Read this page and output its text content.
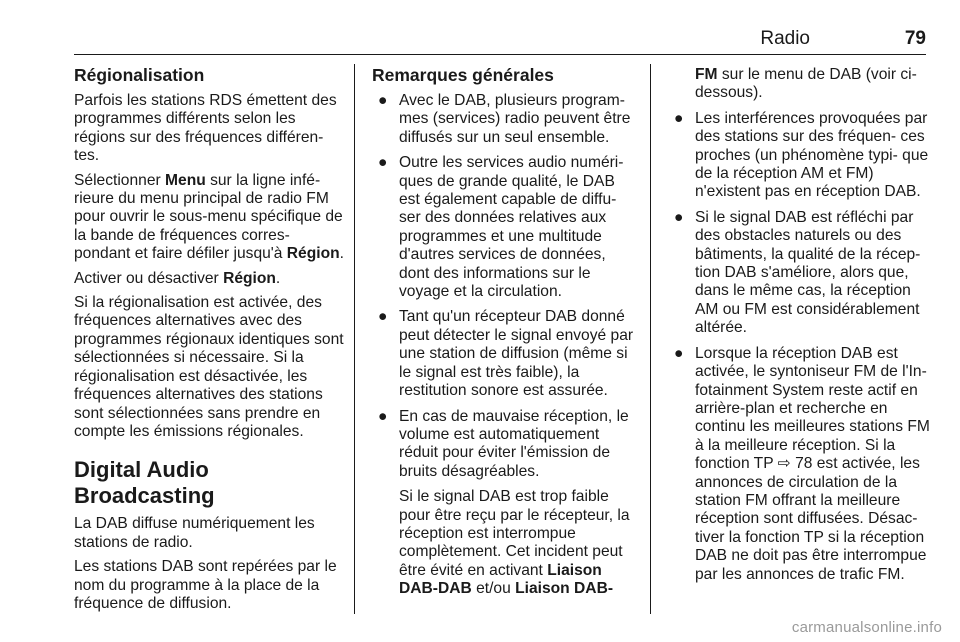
Radio	79
Régionalisation

Parfois les stations RDS émettent des programmes différents selon les régions sur des fréquences différen- tes.

Sélectionner Menu sur la ligne infé- rieure du menu principal de radio FM pour ouvrir le sous-menu spécifique de la bande de fréquences corres- pondant et faire défiler jusqu'à Région.

Activer ou désactiver Région.

Si la régionalisation est activée, des fréquences alternatives avec des programmes régionaux identiques sont sélectionnées si nécessaire. Si la régionalisation est désactivée, les fréquences alternatives des stations sont sélectionnées sans prendre en compte les émissions régionales.

Digital Audio Broadcasting

La DAB diffuse numériquement les stations de radio.

Les stations DAB sont repérées par le nom du programme à la place de la fréquence de diffusion.

Remarques générales
● Avec le DAB, plusieurs program- mes (services) radio peuvent être diffusés sur un seul ensemble.
● Outre les services audio numéri- ques de grande qualité, le DAB est également capable de diffu- ser des données relatives aux programmes et une multitude d'autres services de données, dont des informations sur le voyage et la circulation.
● Tant qu'un récepteur DAB donné peut détecter le signal envoyé par une station de diffusion (même si le signal est très faible), la restitution sonore est assurée.
● En cas de mauvaise réception, le volume est automatiquement réduit pour éviter l'émission de bruits désagréables.

Si le signal DAB est trop faible pour être reçu par le récepteur, la réception est interrompue complètement. Cet incident peut être évité en activant Liaison DAB-DAB et/ou Liaison DAB-

FM sur le menu de DAB (voir ci- dessous).

● Les interférences provoquées par des stations sur des fréquen- ces proches (un phénomène typi- que de la réception AM et FM) n'existent pas en réception DAB.
● Si le signal DAB est réfléchi par des obstacles naturels ou des bâtiments, la qualité de la récep- tion DAB s'améliore, alors que, dans le même cas, la réception AM ou FM est considérablement altérée.
● Lorsque la réception DAB est activée, le syntoniseur FM de l'In- fotainment System reste actif en arrière-plan et recherche en continu les meilleures stations FM à la meilleure réception. Si la fonction TP ⇨ 78 est activée, les annonces de circulation de la station FM offrant la meilleure réception sont diffusées. Désac- tiver la fonction TP si la réception DAB ne doit pas être interrompue par les annonces de trafic FM.
carmanualsonline.info
